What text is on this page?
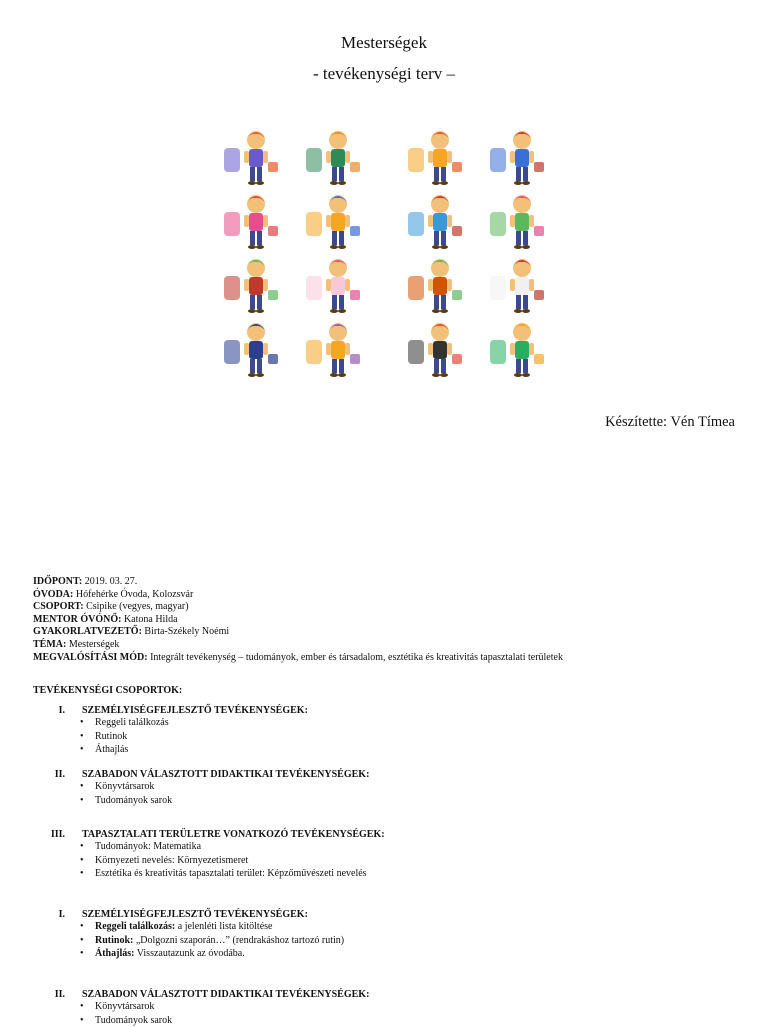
Mesterségek
- tevékenységi terv –
Készítette: Vén Tímea
IDŐPONT: 2019. 03. 27.
ÓVODA: Hófehérke Óvoda, Kolozsvár
CSOPORT: Csipike (vegyes, magyar)
MENTOR ÓVÓNŐ: Katona Hilda
GYAKORLATVEZETŐ: Birta-Székely Noémi
TÉMA: Mesterségek
MEGVALÓSÍTÁSI MÓD: Integrált tevékenység – tudományok, ember és társadalom, esztétika és kreativitás tapasztalati területek
TEVÉKENYSÉGI CSOPORTOK:
I. SZEMÉLYISÉGFEJLESZTŐ TEVÉKENYSÉGEK:
• Reggeli találkozás
• Rutinok
• Áthajlás
II. SZABADON VÁLASZTOTT DIDAKTIKAI TEVÉKENYSÉGEK:
• Könyvtársarok
• Tudományok sarok
III. TAPASZTALATI TERÜLETRE VONATKOZÓ TEVÉKENYSÉGEK:
• Tudományok: Matematika
• Környezeti nevelés: Környezetismeret
• Esztétika és kreativitás tapasztalati terület: Képzőművészeti nevelés
I. SZEMÉLYISÉGFEJLESZTŐ TEVÉKENYSÉGEK:
• Reggeli találkozás: a jelenléti lista kitöltése
• Rutinok: „Dolgozni szaporán…” (rendrakáshoz tartozó rutin)
• Áthajlás: Visszautazunk az óvodába.
II. SZABADON VÁLASZTOTT DIDAKTIKAI TEVÉKENYSÉGEK:
• Könyvtársarok
• Tudományok sarok
